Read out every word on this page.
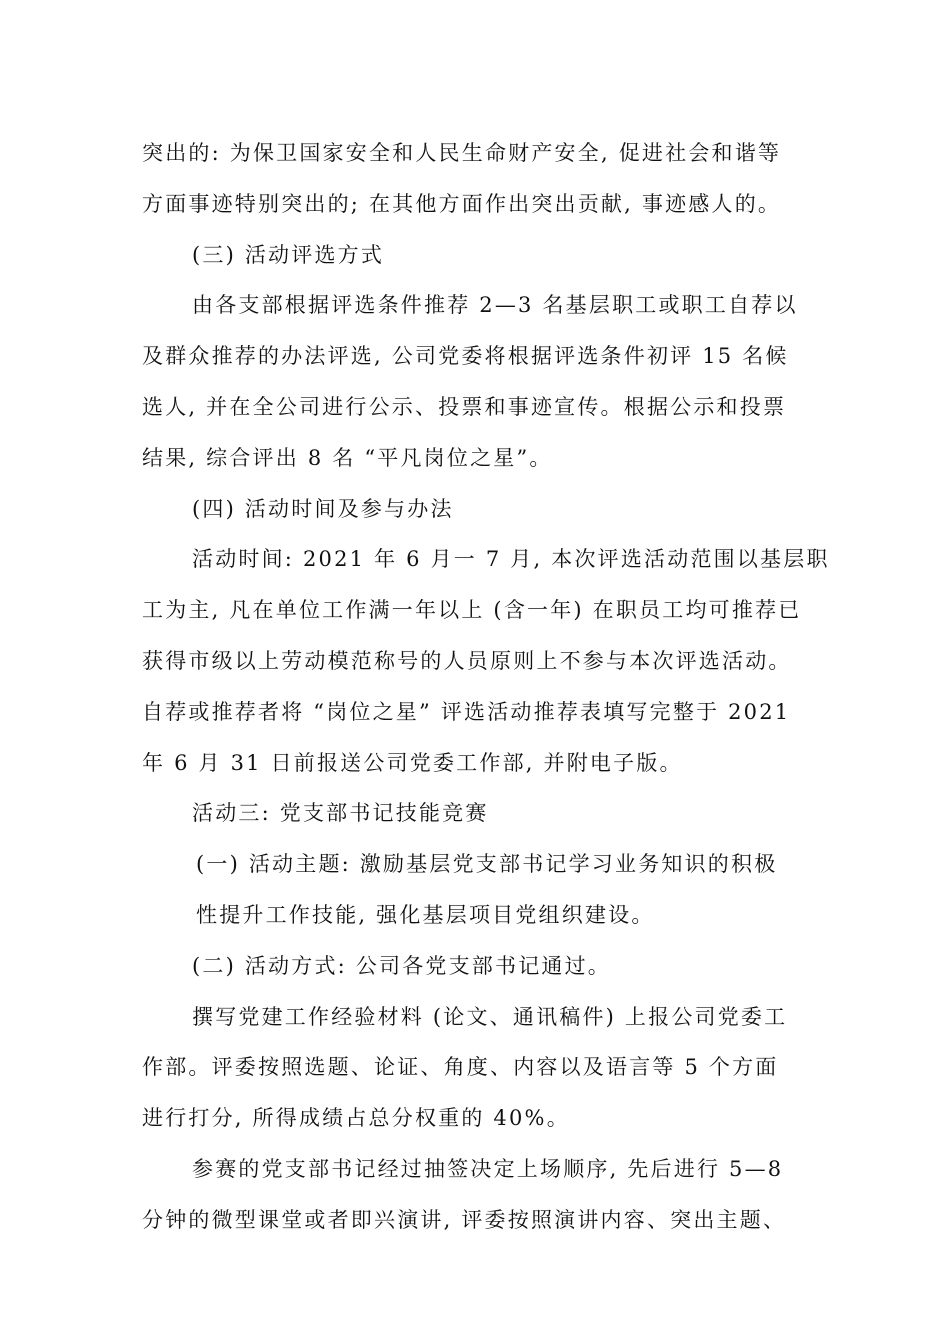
突出的: 为保卫国家安全和人民生命财产安全, 促进社会和谐等
方面事迹特别突出的; 在其他方面作出突出贡献, 事迹感人的。
(三) 活动评选方式
由各支部根据评选条件推荐 2—3 名基层职工或职工自荐以
及群众推荐的办法评选, 公司党委将根据评选条件初评 15 名候
选人, 并在全公司进行公示、投票和事迹宣传。根据公示和投票
结果, 综合评出 8 名 “平凡岗位之星”。
(四) 活动时间及参与办法
活动时间: 2021 年 6 月一 7 月, 本次评选活动范围以基层职
工为主, 凡在单位工作满一年以上 (含一年) 在职员工均可推荐已
获得市级以上劳动模范称号的人员原则上不参与本次评选活动。
自荐或推荐者将 “岗位之星” 评选活动推荐表填写完整于 2021
年 6 月 31 日前报送公司党委工作部, 并附电子版。
活动三: 党支部书记技能竞赛
(一) 活动主题: 激励基层党支部书记学习业务知识的积极
性提升工作技能, 强化基层项目党组织建设。
(二) 活动方式: 公司各党支部书记通过。
撰写党建工作经验材料 (论文、通讯稿件) 上报公司党委工
作部。评委按照选题、论证、角度、内容以及语言等 5 个方面
进行打分, 所得成绩占总分权重的 40%。
参赛的党支部书记经过抽签决定上场顺序, 先后进行 5—8
分钟的微型课堂或者即兴演讲, 评委按照演讲内容、突出主题、
